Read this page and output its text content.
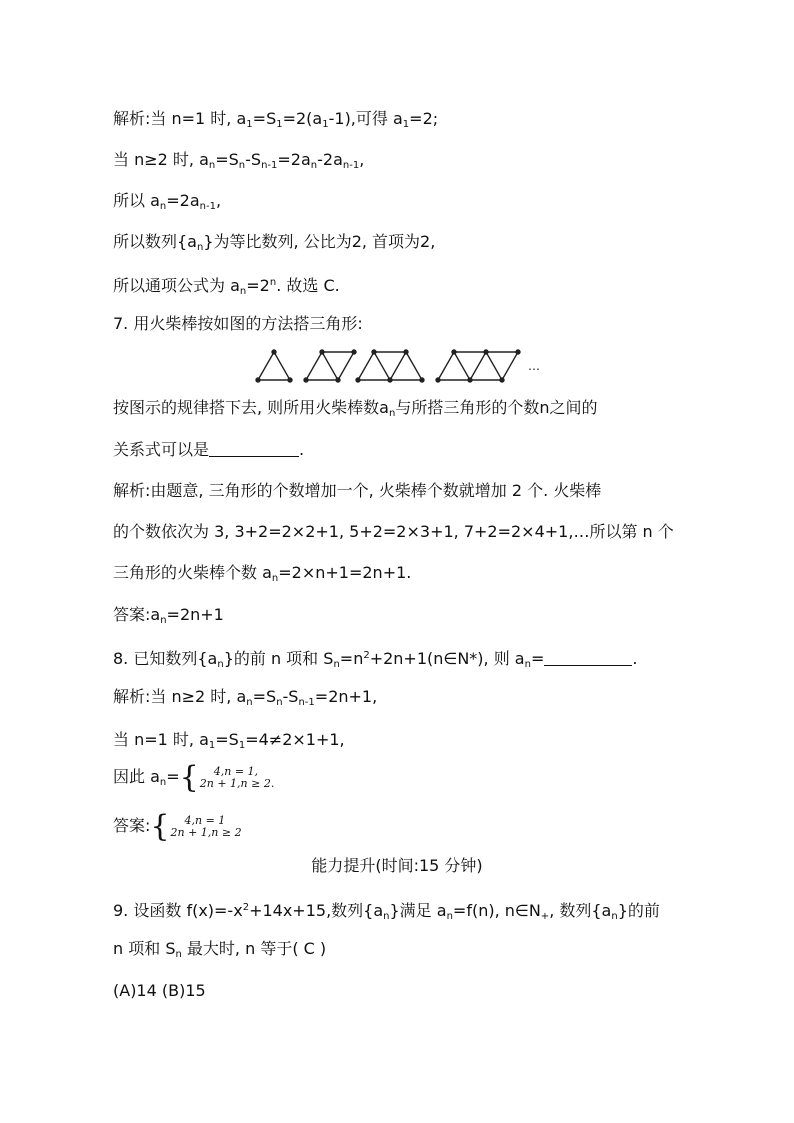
解析:当 n=1 时, $a_1=S_1=2(a_1-1)$,可得 $a_1=2$;
当 n≥2 时, $a_n=S_n-S_{n-1}=2a_n-2a_{n-1}$,
所以 $a_n=2a_{n-1}$,
所以数列$\{a_n\}$为等比数列, 公比为2, 首项为2,
所以通项公式为 $a_n=2^n$. 故选 C.
7. 用火柴棒按如图的方法搭三角形:
…
按图示的规律搭下去, 则所用火柴棒数$a_n$与所搭三角形的个数n之间的
关系式可以是	.
解析:由题意, 三角形的个数增加一个, 火柴棒个数就增加 2 个. 火柴棒
的个数依次为 3, 3+2=2×2+1, 5+2=2×3+1, 7+2=2×4+1,…所以第 n 个
三角形的火柴棒个数 $a_n=2\times n+1=2n+1$.
答案$:a_n=2n+1$
8. 已知数列$\{a_n\}$的前 n 项和 $S_n=n^2+2n+1(n\in N*)$, 则 $a_n=$	.
解析:当 n≥2 时, $a_n=S_n-S_{n-1}=2n+1$,
当 n=1 时, $a_1=S_1=4\ne 2\times 1+1$,
因此 $a_n=$ {	4,n = 1,
2n + 1,n ≥ 2.
答案: {	4,n = 1
2n + 1,n ≥ 2
能力提升(时间:15 分钟)
9. 设函数 $f(x)=-x^2+14x+15$,数列$\{a_n\}$满足 $a_n=f(n)$, $n\in N_+$, 数列$\{a_n\}$的前
n 项和 $S_n$ 最大时, n 等于( C )
(A)14 (B)15
